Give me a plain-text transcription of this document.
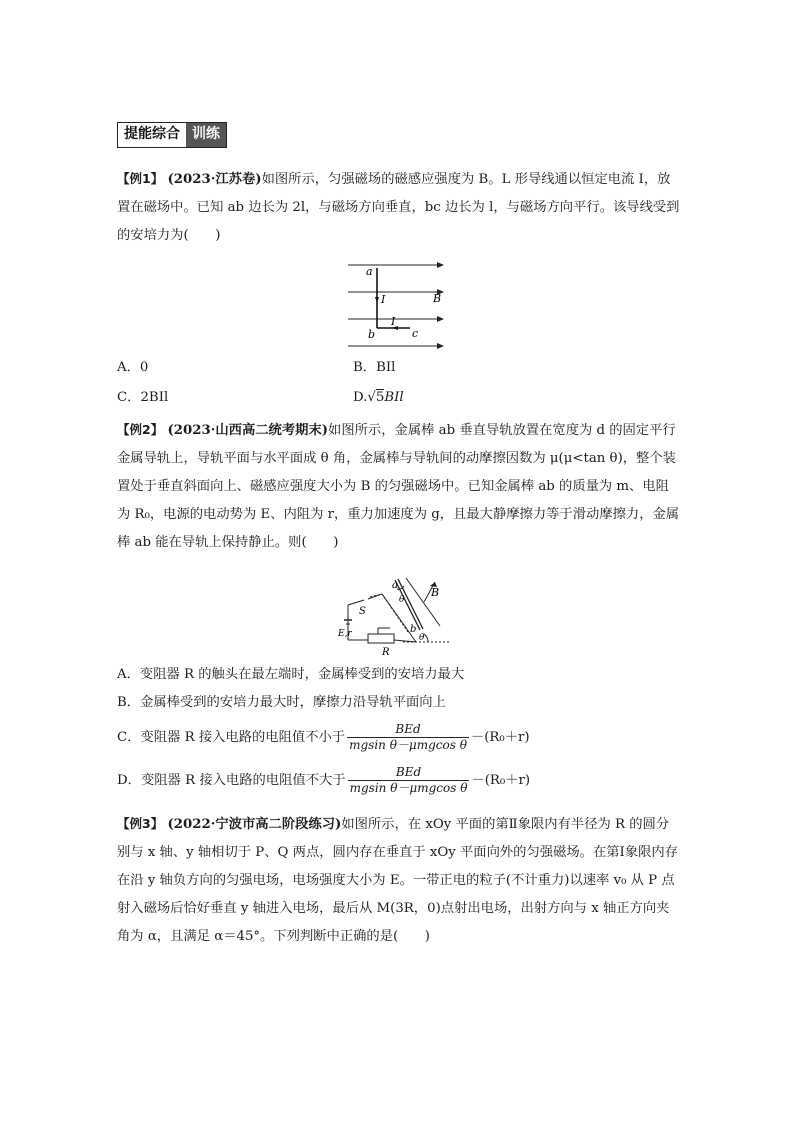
提能综合 训练
【例1】 (2023·江苏卷)如图所示，匀强磁场的磁感应强度为 B。L 形导线通以恒定电流 I，放置在磁场中。已知 ab 边长为 2l，与磁场方向垂直，bc 边长为 l，与磁场方向平行。该导线受到的安培力为(　　)
a
I	B
I
b	c
A．0	B．BIl
C．2BIl	D.√5BIl
【例2】 (2023·山西高二统考期末)如图所示，金属棒 ab 垂直导轨放置在宽度为 d 的固定平行金属导轨上，导轨平面与水平面成 θ 角，金属棒与导轨间的动摩擦因数为 μ(μ<tan θ)，整个装置处于垂直斜面向上、磁感应强度大小为 B 的匀强磁场中。已知金属棒 ab 的质量为 m、电阻为 R₀，电源的电动势为 E、内阻为 r，重力加速度为 g，且最大静摩擦力等于滑动摩擦力，金属棒 ab 能在导轨上保持静止。则(　　)
a
θ
B
S
E,r	b
θ
R
A．变阻器 R 的触头在最左端时，金属棒受到的安培力最大
B．金属棒受到的安培力最大时，摩擦力沿导轨平面向上
C．变阻器 R 接入电路的电阻值不小于 $\frac{\text{BEd}}{\text{mgsin θ－μmgcos θ}} -(R_0+r)$
D．变阻器 R 接入电路的电阻值不大于 $\frac{\text{BEd}}{\text{mgsin θ－μmgcos θ}} -(R_0+r)$
【例3】 (2022·宁波市高二阶段练习)如图所示，在 xOy 平面的第Ⅱ象限内有半径为 R 的圆分别与 x 轴、y 轴相切于 P、Q 两点，圆内存在垂直于 xOy 平面向外的匀强磁场。在第Ⅰ象限内存在沿 y 轴负方向的匀强电场，电场强度大小为 E。一带正电的粒子(不计重力)以速率 v₀ 从 P 点射入磁场后恰好垂直 y 轴进入电场，最后从 M(3R，0)点射出电场，出射方向与 x 轴正方向夹角为 α，且满足 α＝45°。下列判断中正确的是(　　)
